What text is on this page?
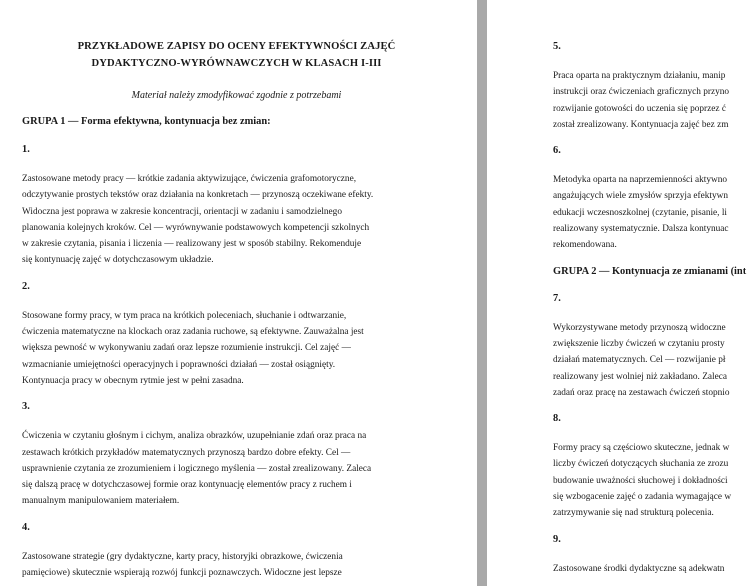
PRZYKŁADOWE ZAPISY DO OCENY EFEKTYWNOŚCI ZAJĘĆ

DYDAKTYCZNO-WYRÓWNAWCZYCH W KLASACH I-III

Materiał należy zmodyfikować zgodnie z potrzebami

GRUPA 1 — Forma efektywna, kontynuacja bez zmian:

1.

Zastosowane metody pracy — krótkie zadania aktywizujące, ćwiczenia grafomotoryczne,
odczytywanie prostych tekstów oraz działania na konkretach — przynoszą oczekiwane efekty.
Widoczna jest poprawa w zakresie koncentracji, orientacji w zadaniu i samodzielnego
planowania kolejnych kroków. Cel — wyrównywanie podstawowych kompetencji szkolnych
w zakresie czytania, pisania i liczenia — realizowany jest w sposób stabilny. Rekomenduje
się kontynuację zajęć w dotychczasowym układzie.

2.

Stosowane formy pracy, w tym praca na krótkich poleceniach, słuchanie i odtwarzanie,
ćwiczenia matematyczne na klockach oraz zadania ruchowe, są efektywne. Zauważalna jest
większa pewność w wykonywaniu zadań oraz lepsze rozumienie instrukcji. Cel zajęć —
wzmacnianie umiejętności operacyjnych i poprawności działań — został osiągnięty.
Kontynuacja pracy w obecnym rytmie jest w pełni zasadna.

3.

Ćwiczenia w czytaniu głośnym i cichym, analiza obrazków, uzupełnianie zdań oraz praca na
zestawach krótkich przykładów matematycznych przynoszą bardzo dobre efekty. Cel —
usprawnienie czytania ze zrozumieniem i logicznego myślenia — został zrealizowany. Zaleca
się dalszą pracę w dotychczasowej formie oraz kontynuację elementów pracy z ruchem i
manualnym manipulowaniem materiałem.

4.

Zastosowane strategie (gry dydaktyczne, karty pracy, historyjki obrazkowe, ćwiczenia
pamięciowe) skutecznie wspierają rozwój funkcji poznawczych. Widoczne jest lepsze

5.

Praca oparta na praktycznym działaniu, manip
instrukcji oraz ćwiczeniach graficznych przyno
rozwijanie gotowości do uczenia się poprzez ć
został zrealizowany. Kontynuacja zajęć bez zm

6.

Metodyka oparta na naprzemienności aktywno
angażujących wiele zmysłów sprzyja efektywn
edukacji wczesnoszkolnej (czytanie, pisanie, li
realizowany systematycznie. Dalsza kontynuac
rekomendowana.

GRUPA 2 — Kontynuacja ze zmianami (int

7.

Wykorzystywane metody przynoszą widoczne
zwiększenie liczby ćwiczeń w czytaniu prosty
działań matematycznych. Cel — rozwijanie pł
realizowany jest wolniej niż zakładano. Zaleca
zadań oraz pracę na zestawach ćwiczeń stopnio

8.

Formy pracy są częściowo skuteczne, jednak w
liczby ćwiczeń dotyczących słuchania ze zrozu
budowanie uważności słuchowej i dokładności
się wzbogacenie zajęć o zadania wymagające w
zatrzymywanie się nad strukturą polecenia.

9.

Zastosowane środki dydaktyczne są adekwatn
